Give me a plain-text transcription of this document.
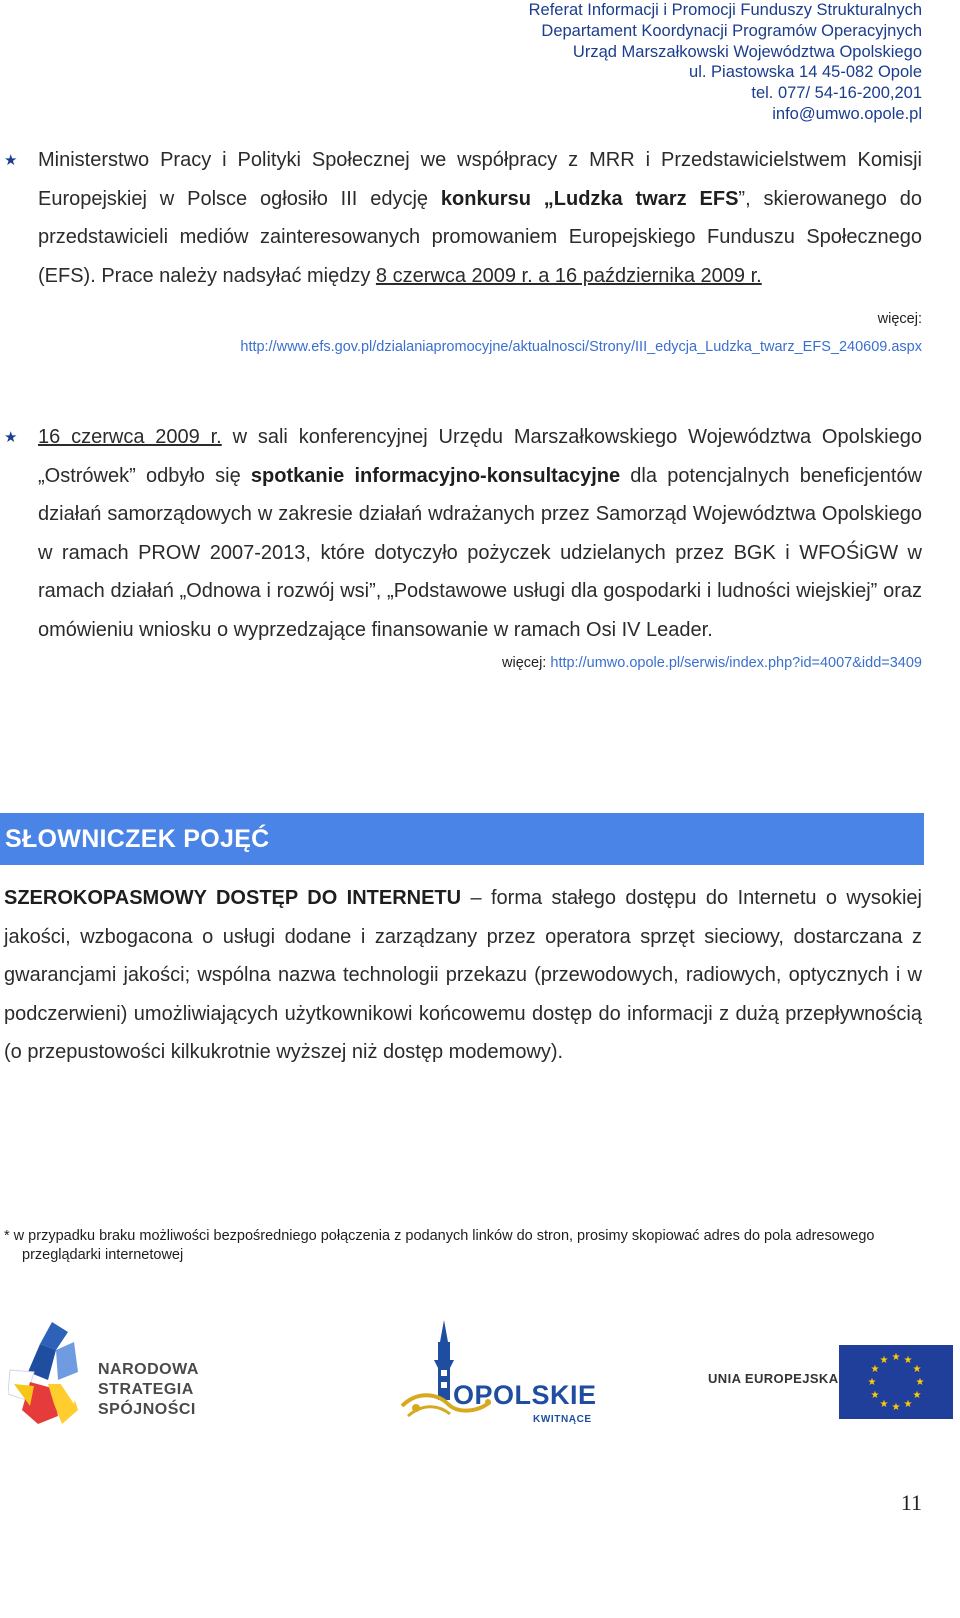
Referat Informacji i Promocji Funduszy Strukturalnych
Departament Koordynacji Programów Operacyjnych
Urząd Marszałkowski Województwa Opolskiego
ul. Piastowska 14 45-082 Opole
tel. 077/ 54-16-200,201
info@umwo.opole.pl
★ Ministerstwo Pracy i Polityki Społecznej we współpracy z MRR i Przedstawicielstwem Komisji Europejskiej w Polsce ogłosiło III edycję konkursu „Ludzka twarz EFS”, skierowanego do przedstawicieli mediów zainteresowanych promowaniem Europejskiego Funduszu Społecznego (EFS). Prace należy nadsyłać między 8 czerwca 2009 r. a 16 października 2009 r.
więcej:
http://www.efs.gov.pl/dzialaniapromocyjne/aktualnosci/Strony/III_edycja_Ludzka_twarz_EFS_240609.aspx
★ 16 czerwca 2009 r. w sali konferencyjnej Urzędu Marszałkowskiego Województwa Opolskiego „Ostrówek” odbyło się spotkanie informacyjno-konsultacyjne dla potencjalnych beneficjentów działań samorządowych w zakresie działań wdrażanych przez Samorząd Województwa Opolskiego w ramach PROW 2007-2013, które dotyczyło pożyczek udzielanych przez BGK i WFOŚiGW w ramach działań „Odnowa i rozwój wsi”, „Podstawowe usługi dla gospodarki i ludności wiejskiej” oraz omówieniu wniosku o wyprzedzające finansowanie w ramach Osi IV Leader.
więcej: http://umwo.opole.pl/serwis/index.php?id=4007&idd=3409
SŁOWNICZEK POJĘĆ
SZEROKOPASMOWY DOSTĘP DO INTERNETU – forma stałego dostępu do Internetu o wysokiej jakości, wzbogacona o usługi dodane i zarządzany przez operatora sprzęt sieciowy, dostarczana z gwarancjami jakości; wspólna nazwa technologii przekazu (przewodowych, radiowych, optycznych i w podczerwieni) umożliwiających użytkownikowi końcowemu dostęp do informacji z dużą przepływnością (o przepustowości kilkukrotnie wyższej niż dostęp modemowy).
* w przypadku braku możliwości bezpośredniego połączenia z podanych linków do stron, prosimy skopiować adres do pola adresowego przeglądarki internetowej
NARODOWA
STRATEGIA SPÓJNOŚCI	OPOLSKIE
KWITNĄCE
UNIA EUROPEJSKA
★ ★
★
★
★
★
★
★
★
★
★
★
11
